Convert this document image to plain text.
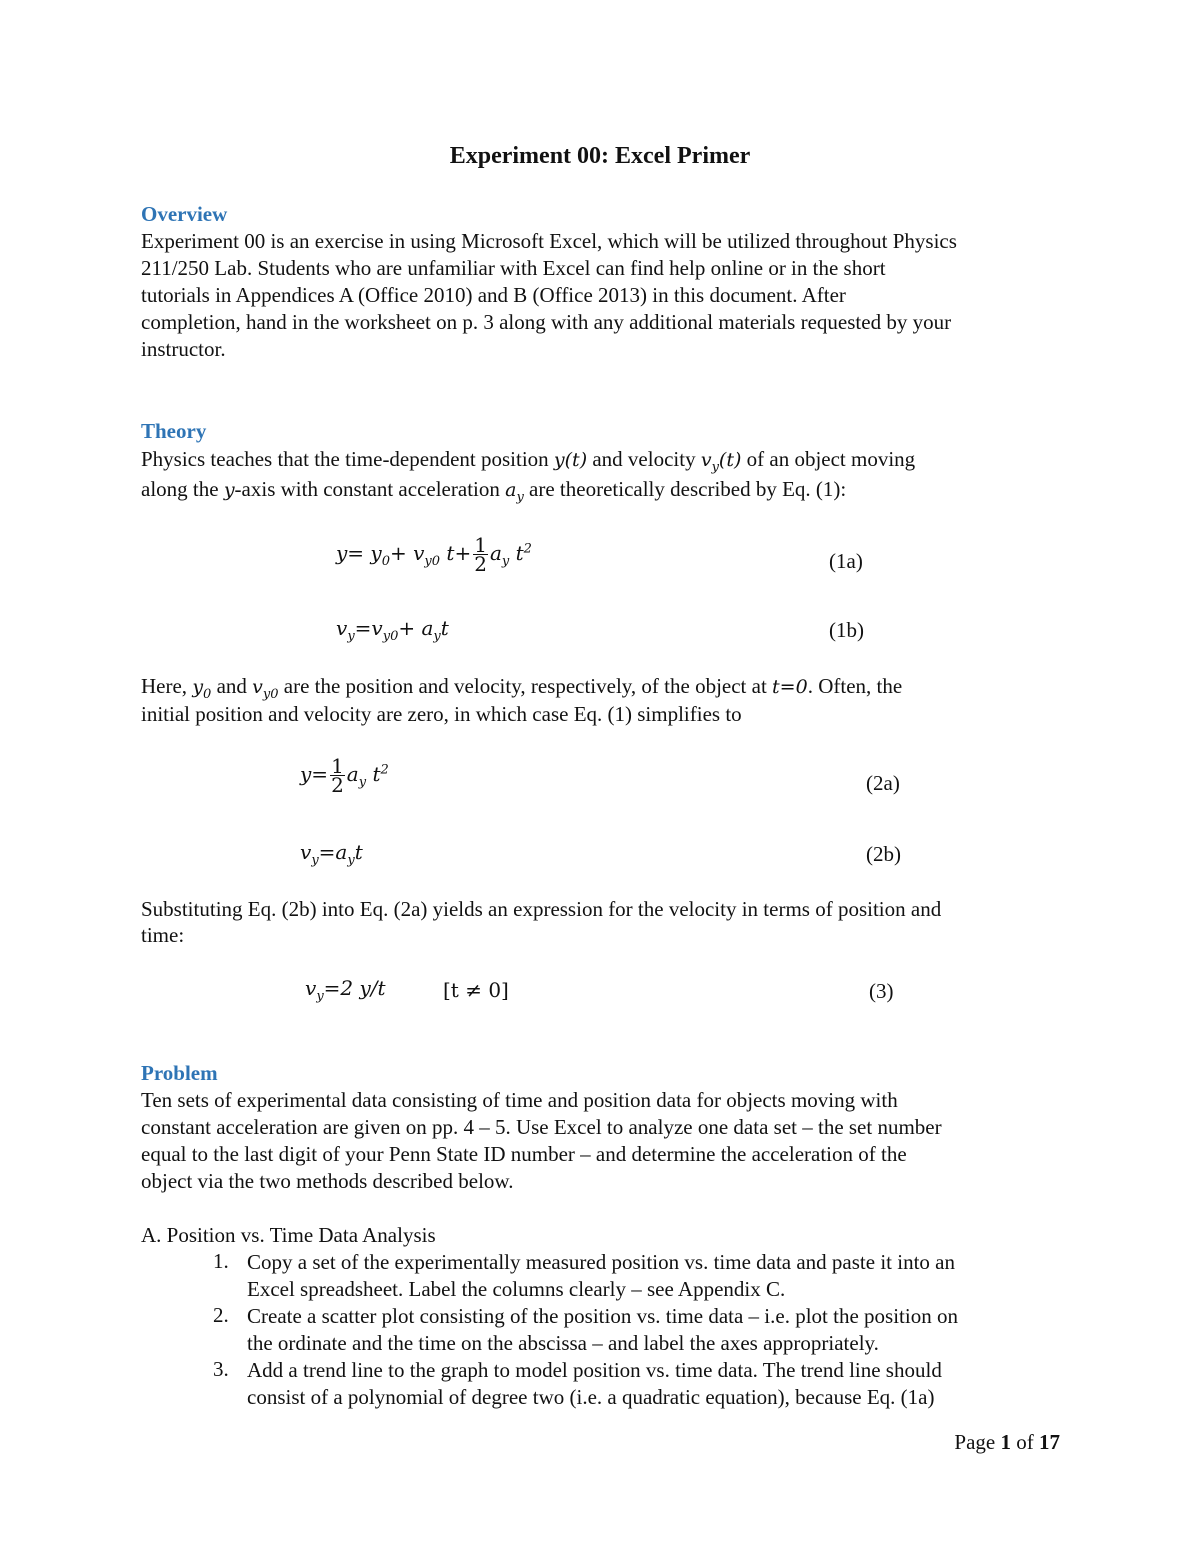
Experiment 00: Excel Primer
Overview
Experiment 00 is an exercise in using Microsoft Excel, which will be utilized throughout Physics
211/250 Lab. Students who are unfamiliar with Excel can find help online or in the short
tutorials in Appendices A (Office 2010) and B (Office 2013) in this document. After
completion, hand in the worksheet on p. 3 along with any additional materials requested by your
instructor.
Theory
Physics teaches that the time-dependent position y(t) and velocity $v_y(t)$ of an object moving
along the y-axis with constant acceleration $a_y$ are theoretically described by Eq. (1):
$y= y_0+ v_{y0}$ $t+ \frac{1}{2} a_y$ $t^2$
(1a)
$v_y=v_{y0}+ a_yt$	(1b)
Here, $y_0$ and $v_{y0}$ are the position and velocity, respectively, of the object at t=0. Often, the
initial position and velocity are zero, in which case Eq. (1) simplifies to
$y= \frac{1}{2} a_y$ $t^2$
(2a)
$v_y=a_yt$	(2b)
Substituting Eq. (2b) into Eq. (2a) yields an expression for the velocity in terms of position and
time:
$v_y=2$ y/t	[t ≠ 0]	(3)
Problem
Ten sets of experimental data consisting of time and position data for objects moving with
constant acceleration are given on pp. 4 – 5. Use Excel to analyze one data set – the set number
equal to the last digit of your Penn State ID number – and determine the acceleration of the
object via the two methods described below.
A. Position vs. Time Data Analysis
1. Copy a set of the experimentally measured position vs. time data and paste it into an
Excel spreadsheet. Label the columns clearly – see Appendix C.
2. Create a scatter plot consisting of the position vs. time data – i.e. plot the position on
the ordinate and the time on the abscissa – and label the axes appropriately.
3. Add a trend line to the graph to model position vs. time data. The trend line should
consist of a polynomial of degree two (i.e. a quadratic equation), because Eq. (1a)
Page 1 of 17
